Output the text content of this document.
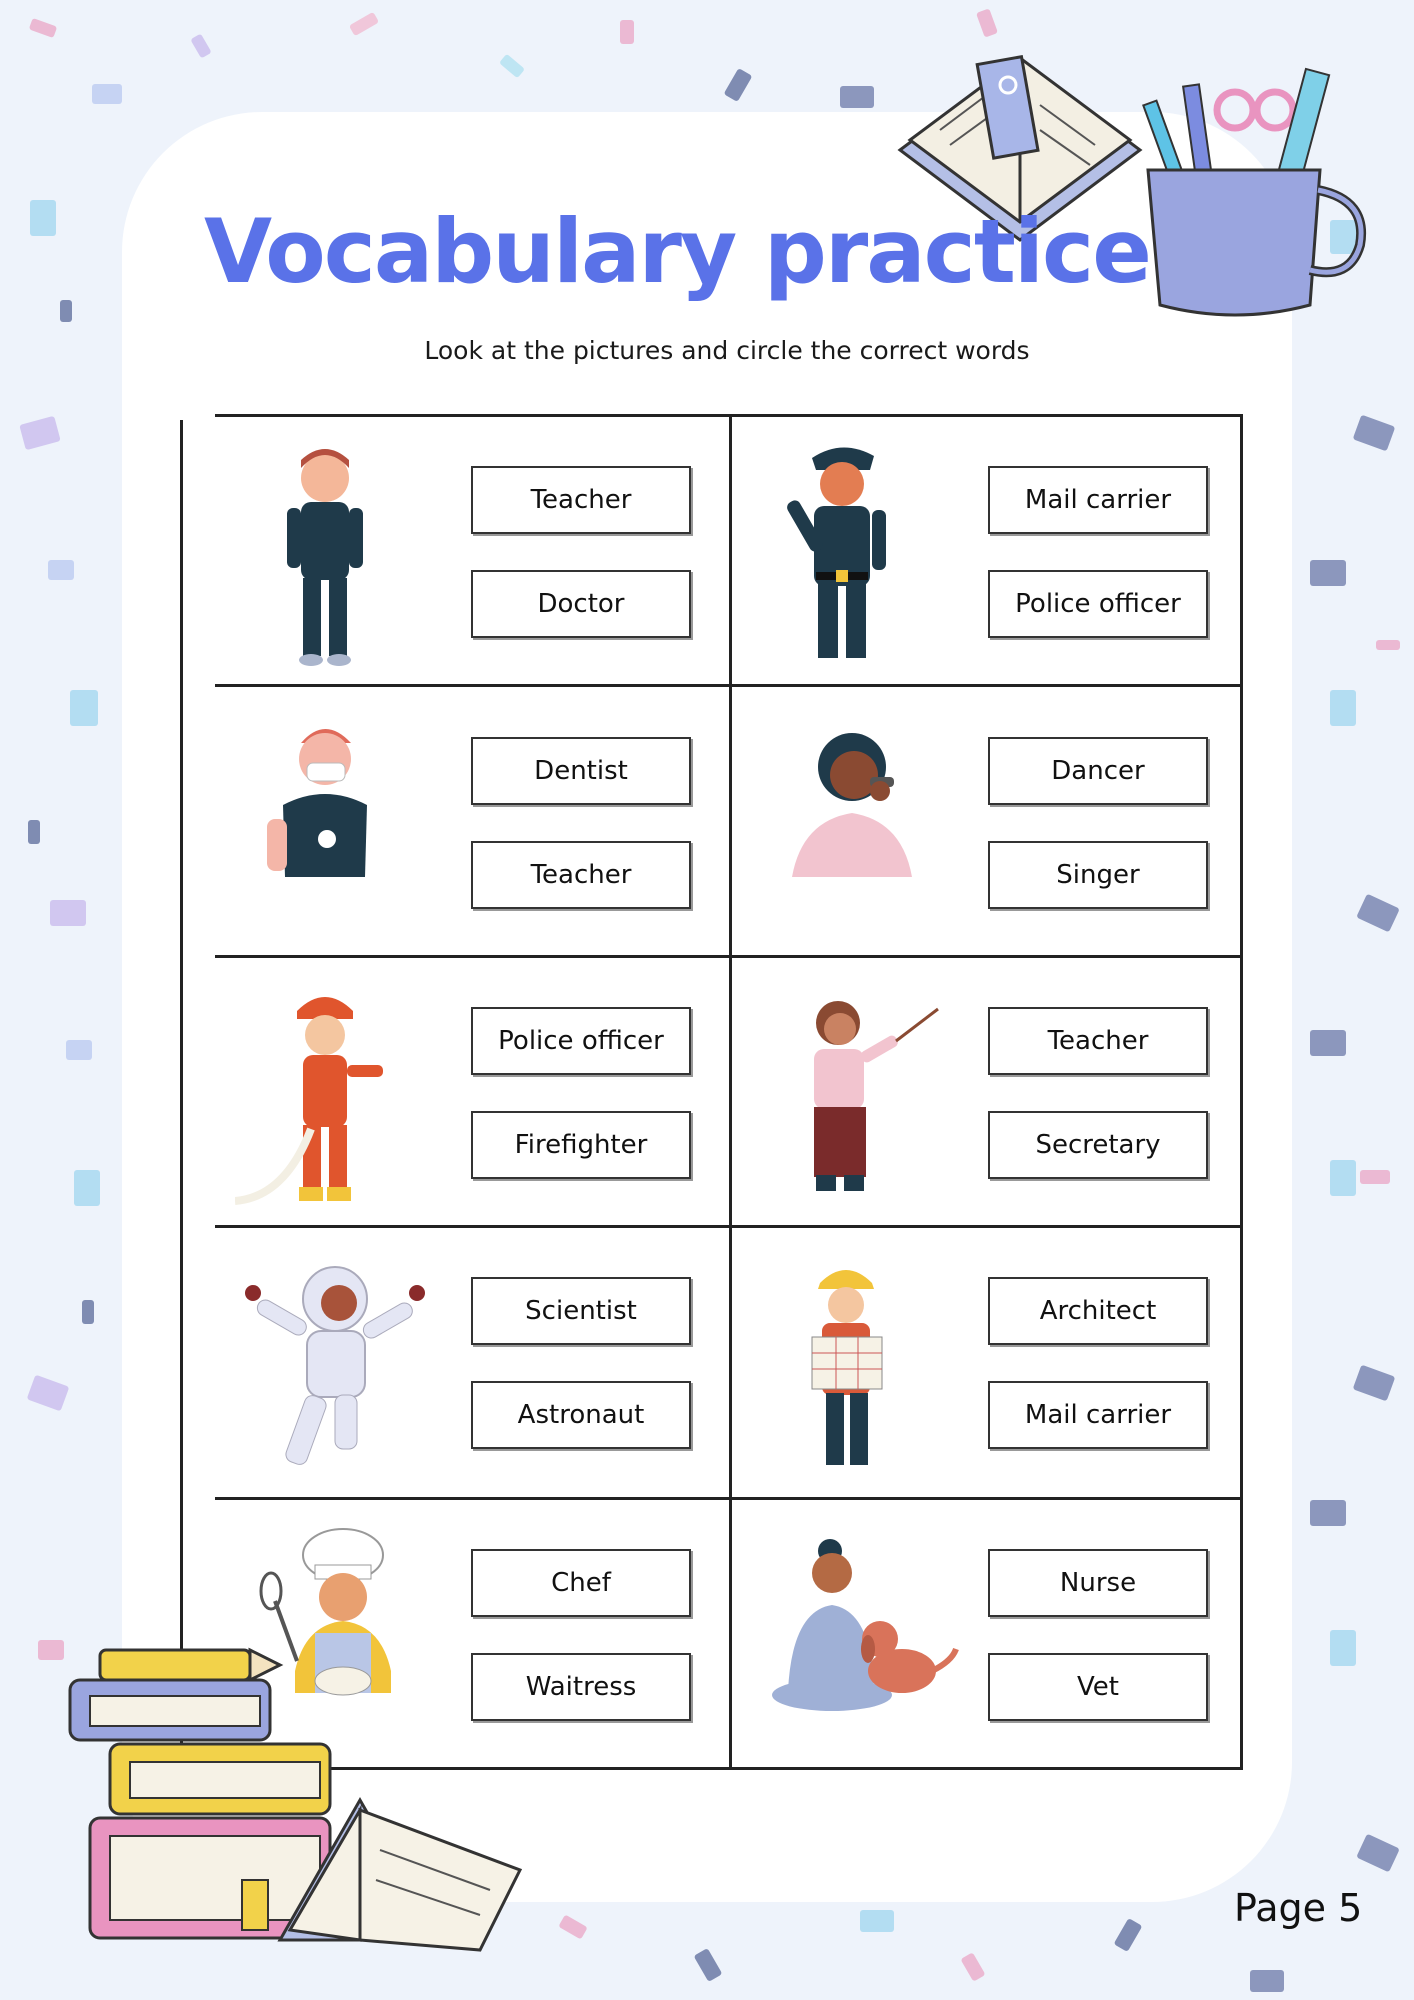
Vocabulary practice

Look at the pictures and circle the correct words

Teacher
Doctor
Mail carrier
Police officer
Dentist
Teacher
Dancer
Singer
Police officer
Firefighter
Teacher
Secretary
Scientist
Astronaut
Architect
Mail carrier
Chef
Waitress
Nurse
Vet

Page 5
